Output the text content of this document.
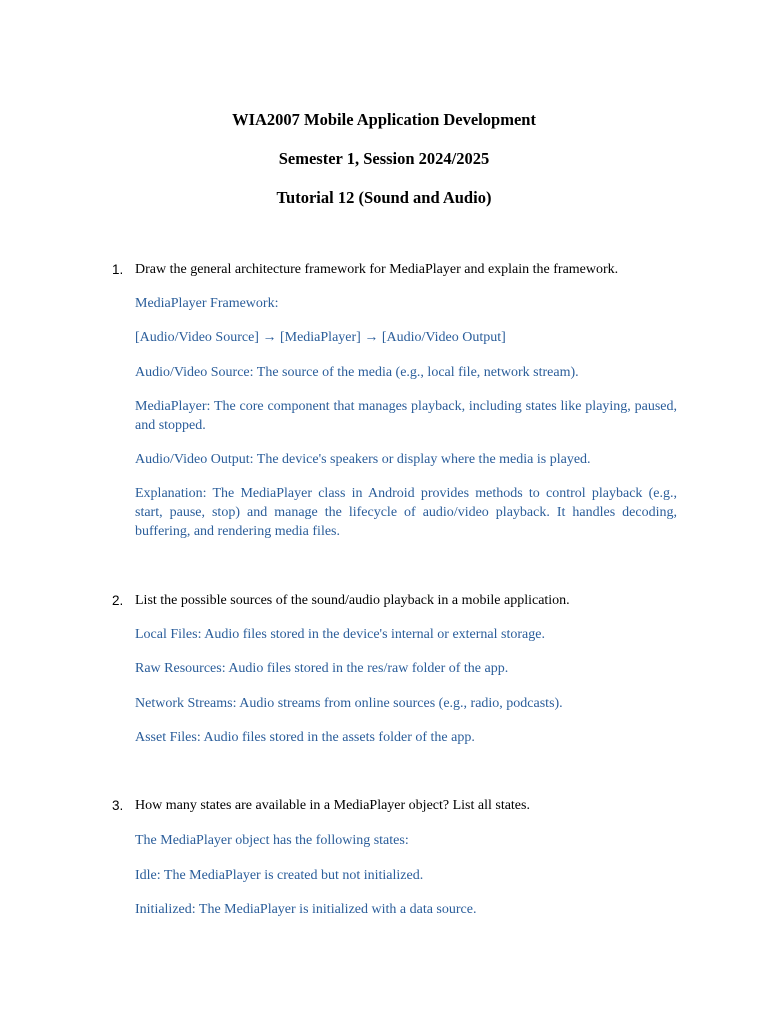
WIA2007 Mobile Application Development
Semester 1, Session 2024/2025
Tutorial 12 (Sound and Audio)
1. Draw the general architecture framework for MediaPlayer and explain the framework.
MediaPlayer Framework:
[Audio/Video Source] → [MediaPlayer] → [Audio/Video Output]
Audio/Video Source: The source of the media (e.g., local file, network stream).
MediaPlayer: The core component that manages playback, including states like playing, paused, and stopped.
Audio/Video Output: The device's speakers or display where the media is played.
Explanation: The MediaPlayer class in Android provides methods to control playback (e.g., start, pause, stop) and manage the lifecycle of audio/video playback. It handles decoding, buffering, and rendering media files.
2. List the possible sources of the sound/audio playback in a mobile application.
Local Files: Audio files stored in the device's internal or external storage.
Raw Resources: Audio files stored in the res/raw folder of the app.
Network Streams: Audio streams from online sources (e.g., radio, podcasts).
Asset Files: Audio files stored in the assets folder of the app.
3. How many states are available in a MediaPlayer object? List all states.
The MediaPlayer object has the following states:
Idle: The MediaPlayer is created but not initialized.
Initialized: The MediaPlayer is initialized with a data source.
